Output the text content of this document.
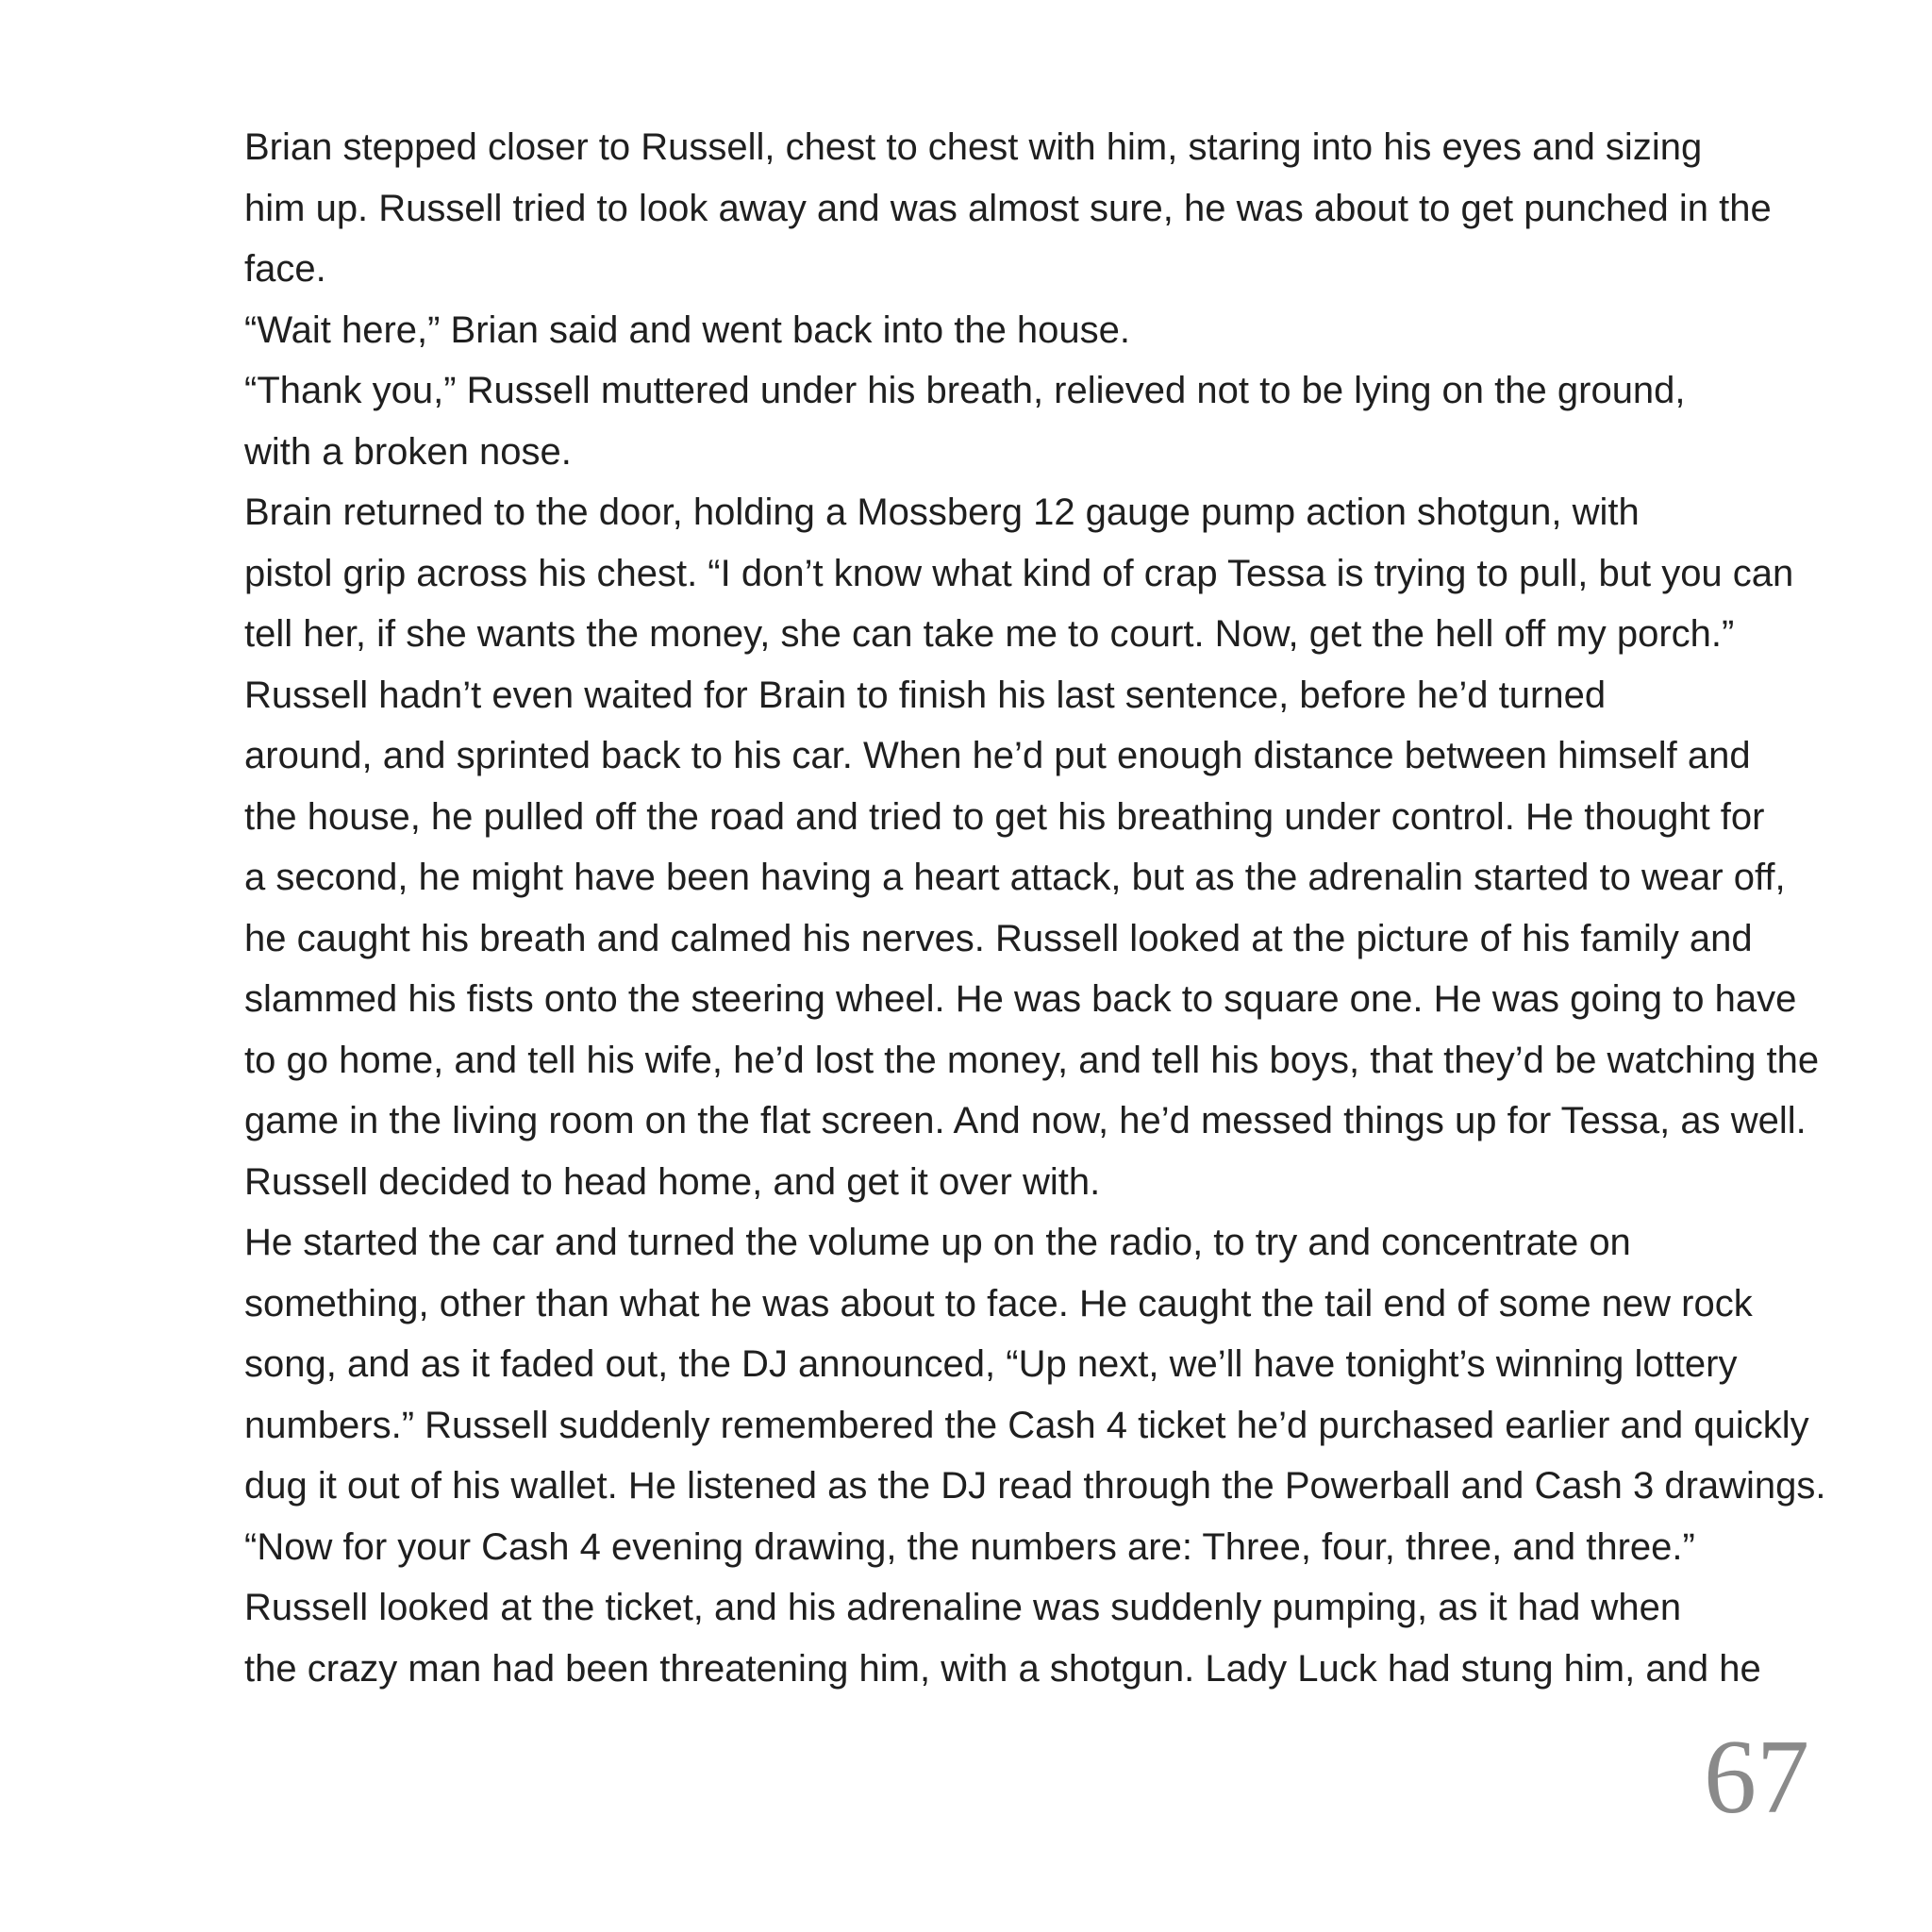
Brian stepped closer to Russell, chest to chest with him, staring into his eyes and sizing
him up. Russell tried to look away and was almost sure, he was about to get punched in the
face.

“Wait here,” Brian said and went back into the house.

“Thank you,” Russell muttered under his breath, relieved not to be lying on the ground,
with a broken nose.

Brain returned to the door, holding a Mossberg 12 gauge pump action shotgun, with
pistol grip across his chest. “I don’t know what kind of crap Tessa is trying to pull, but you can
tell her, if she wants the money, she can take me to court. Now, get the hell off my porch.”

Russell hadn’t even waited for Brain to finish his last sentence, before he’d turned
around, and sprinted back to his car. When he’d put enough distance between himself and
the house, he pulled off the road and tried to get his breathing under control. He thought for
a second, he might have been having a heart attack, but as the adrenalin started to wear off,
he caught his breath and calmed his nerves. Russell looked at the picture of his family and
slammed his fists onto the steering wheel. He was back to square one. He was going to have
to go home, and tell his wife, he’d lost the money, and tell his boys, that they’d be watching the
game in the living room on the flat screen. And now, he’d messed things up for Tessa, as well.
Russell decided to head home, and get it over with.

He started the car and turned the volume up on the radio, to try and concentrate on
something, other than what he was about to face. He caught the tail end of some new rock
song, and as it faded out, the DJ announced, “Up next, we’ll have tonight’s winning lottery
numbers.” Russell suddenly remembered the Cash 4 ticket he’d purchased earlier and quickly
dug it out of his wallet. He listened as the DJ read through the Powerball and Cash 3 drawings.

“Now for your Cash 4 evening drawing, the numbers are: Three, four, three, and three.”

Russell looked at the ticket, and his adrenaline was suddenly pumping, as it had when
the crazy man had been threatening him, with a shotgun. Lady Luck had stung him, and he

67
